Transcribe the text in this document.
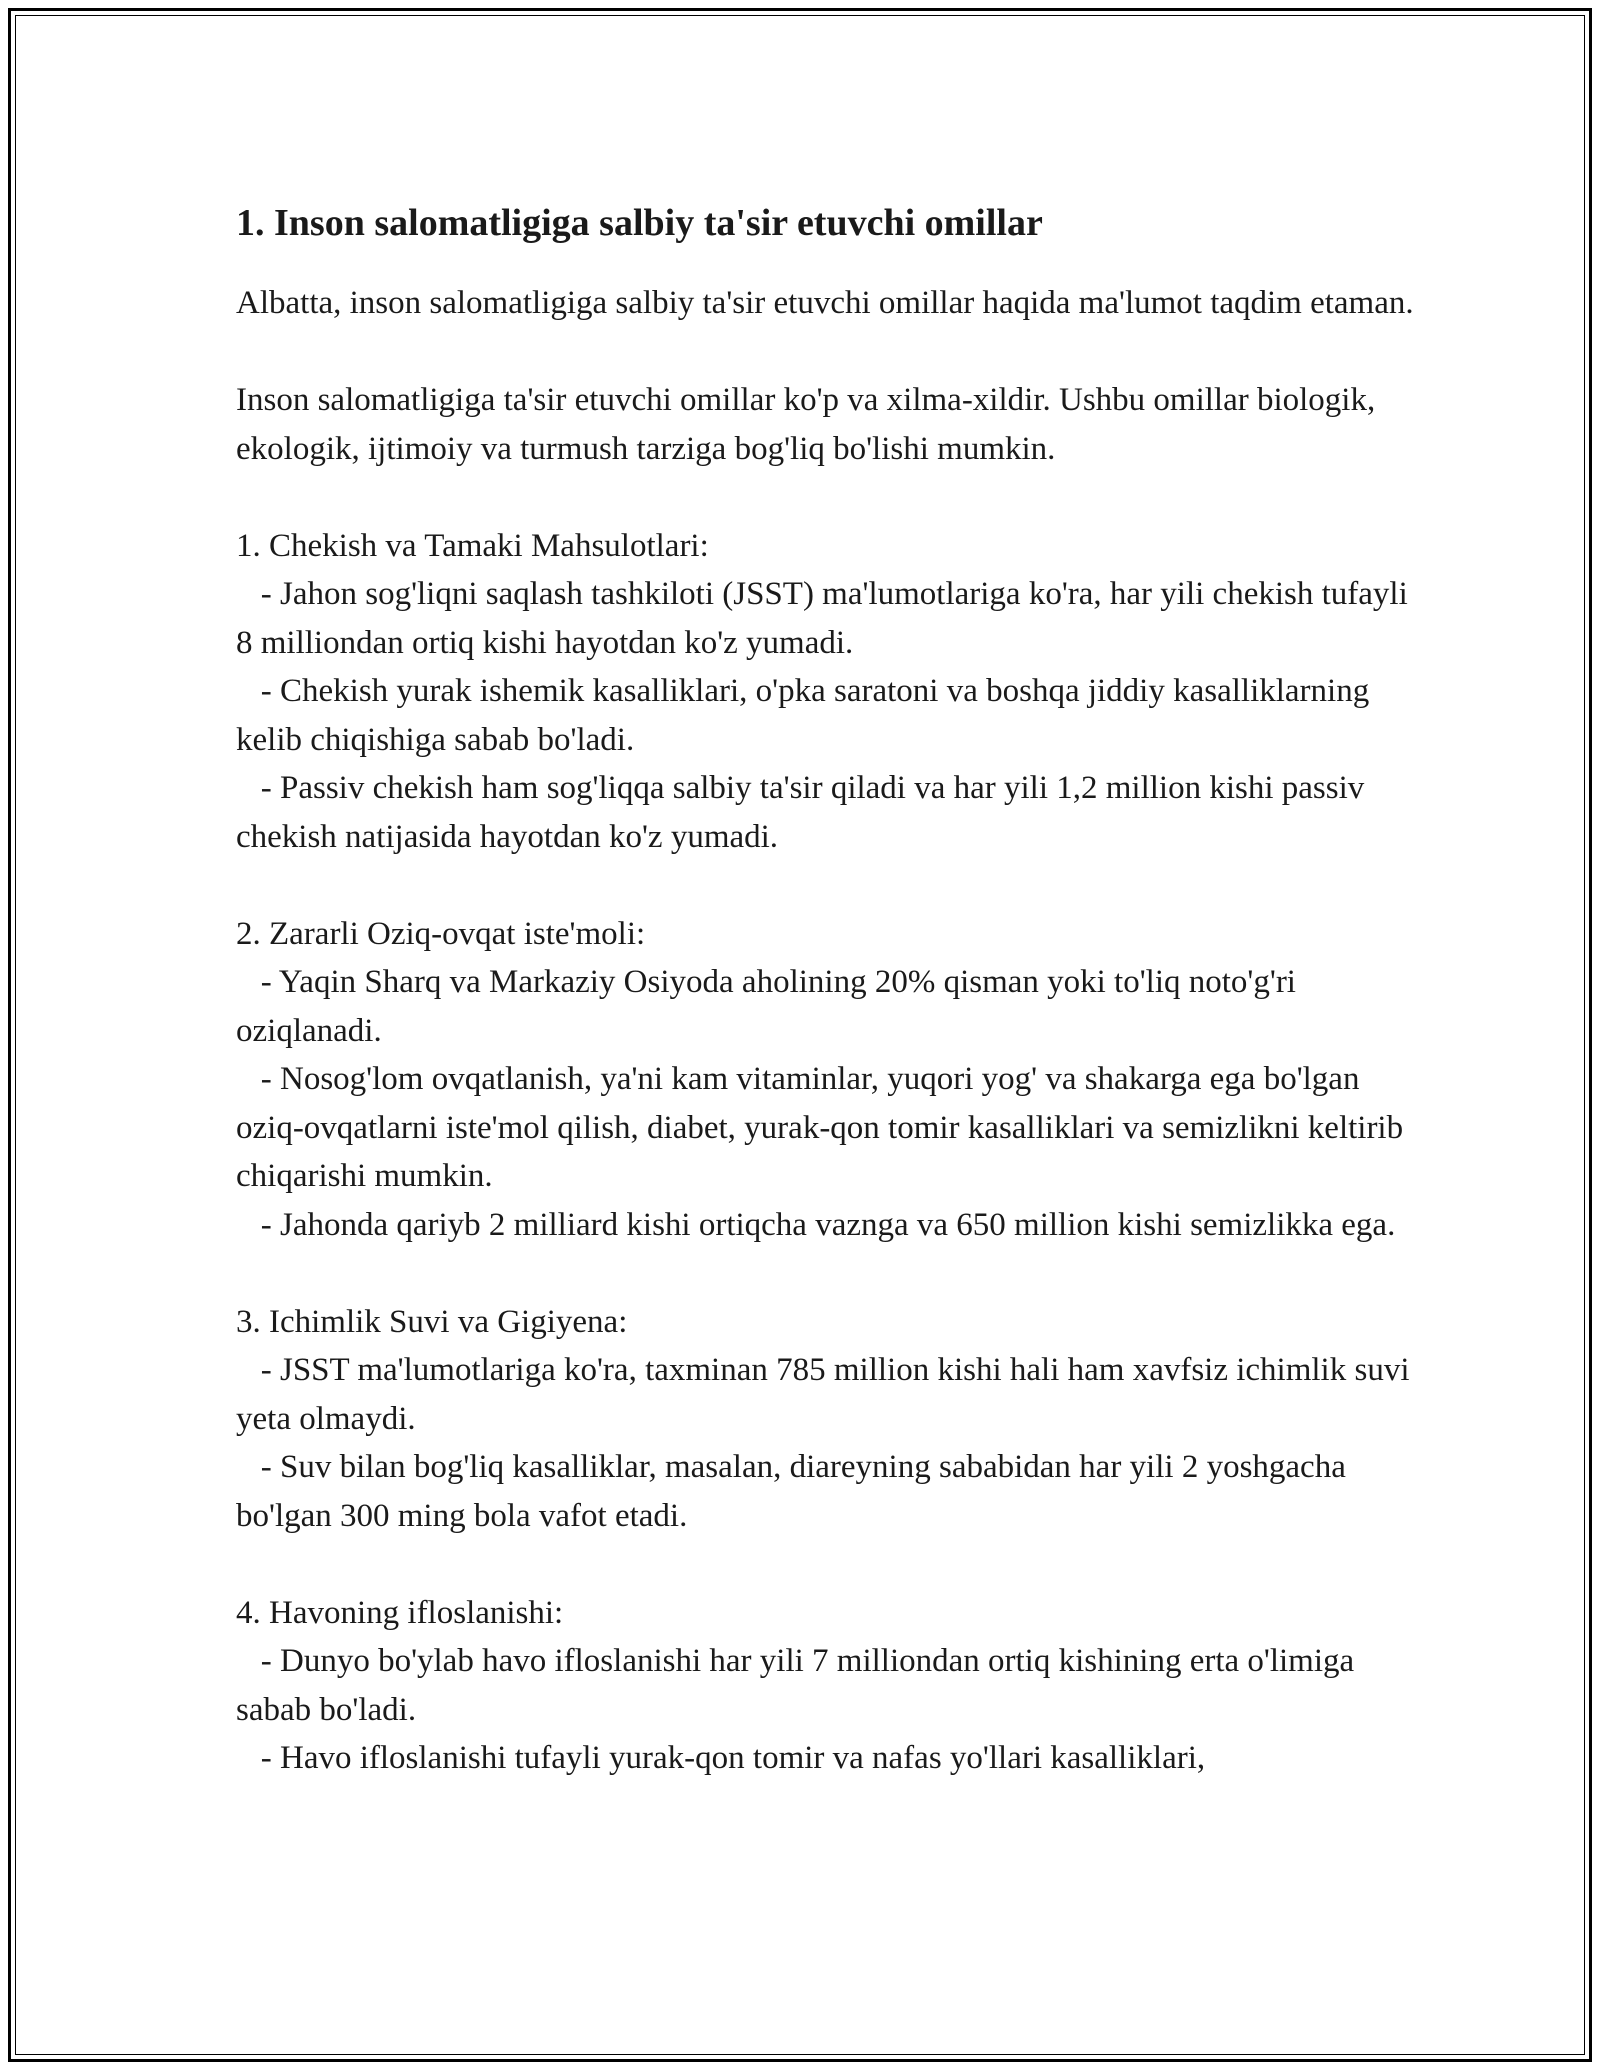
1. Inson salomatligiga salbiy ta'sir etuvchi omillar

Albatta, inson salomatligiga salbiy ta'sir etuvchi omillar haqida ma'lumot taqdim etaman.

Inson salomatligiga ta'sir etuvchi omillar ko'p va xilma-xildir. Ushbu omillar biologik, ekologik, ijtimoiy va turmush tarziga bog'liq bo'lishi mumkin.

1. Chekish va Tamaki Mahsulotlari:

- Jahon sog'liqni saqlash tashkiloti (JSST) ma'lumotlariga ko'ra, har yili chekish tufayli 8 milliondan ortiq kishi hayotdan ko'z yumadi.

- Chekish yurak ishemik kasalliklari, o'pka saratoni va boshqa jiddiy kasalliklarning kelib chiqishiga sabab bo'ladi.

- Passiv chekish ham sog'liqqa salbiy ta'sir qiladi va har yili 1,2 million kishi passiv chekish natijasida hayotdan ko'z yumadi.

2. Zararli Oziq-ovqat iste'moli:

- Yaqin Sharq va Markaziy Osiyoda aholining 20% qisman yoki to'liq noto'g'ri oziqlanadi.

- Nosog'lom ovqatlanish, ya'ni kam vitaminlar, yuqori yog' va shakarga ega bo'lgan oziq-ovqatlarni iste'mol qilish, diabet, yurak-qon tomir kasalliklari va semizlikni keltirib chiqarishi mumkin.

- Jahonda qariyb 2 milliard kishi ortiqcha vaznga va 650 million kishi semizlikka ega.

3. Ichimlik Suvi va Gigiyena:

- JSST ma'lumotlariga ko'ra, taxminan 785 million kishi hali ham xavfsiz ichimlik suvi yeta olmaydi.

- Suv bilan bog'liq kasalliklar, masalan, diareyning sababidan har yili 2 yoshgacha bo'lgan 300 ming bola vafot etadi.

4. Havoning ifloslanishi:

- Dunyo bo'ylab havo ifloslanishi har yili 7 milliondan ortiq kishining erta o'limiga sabab bo'ladi.

- Havo ifloslanishi tufayli yurak-qon tomir va nafas yo'llari kasalliklari,
